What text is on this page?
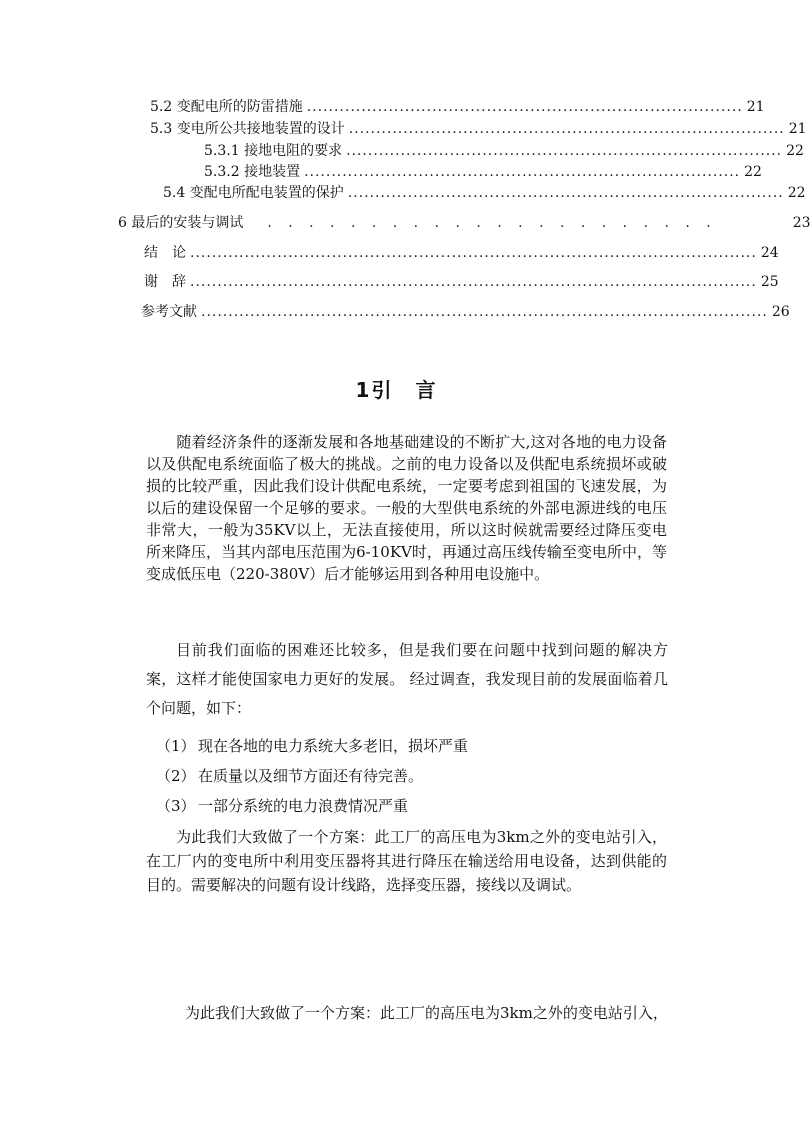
5.2 变配电所的防雷措施 ................................................................................ 21
5.3 变电所公共接地装置的设计 ................................................................................ 21
5.3.1 接地电阻的要求 ................................................................................ 22
5.3.2 接地装置 ................................................................................ 22
5.4 变配电所配电装置的保护 ................................................................................ 22
6 最后的安装与调试 . . . . . . . . . . . . . . . . . . . . . .	23
结　论 ........................................................................................................ 24
谢　辞 ........................................................................................................ 25
参考文献 ........................................................................................................ 26
1引　言

　　随着经济条件的逐渐发展和各地基础建设的不断扩大,这对各地的电力设备以及供配电系统面临了极大的挑战。之前的电力设备以及供配电系统损坏或破损的比较严重，因此我们设计供配电系统，一定要考虑到祖国的飞速发展，为以后的建设保留一个足够的要求。一般的大型供电系统的外部电源进线的电压非常大，一般为35KV以上，无法直接使用，所以这时候就需要经过降压变电所来降压，当其内部电压范围为6-10KV时，再通过高压线传输至变电所中，等变成低压电（220-380V）后才能够运用到各种用电设施中。

目前我们面临的困难还比较多，但是我们要在问题中找到问题的解决方案，这样才能使国家电力更好的发展。 经过调查，我发现目前的发展面临着几个问题，如下：

（1） 现在各地的电力系统大多老旧，损坏严重
（2） 在质量以及细节方面还有待完善。
（3） 一部分系统的电力浪费情况严重

为此我们大致做了一个方案：此工厂的高压电为3km之外的变电站引入，在工厂内的变电所中利用变压器将其进行降压在输送给用电设备，达到供能的目的。需要解决的问题有设计线路，选择变压器，接线以及调试。

为此我们大致做了一个方案：此工厂的高压电为3km之外的变电站引入，
